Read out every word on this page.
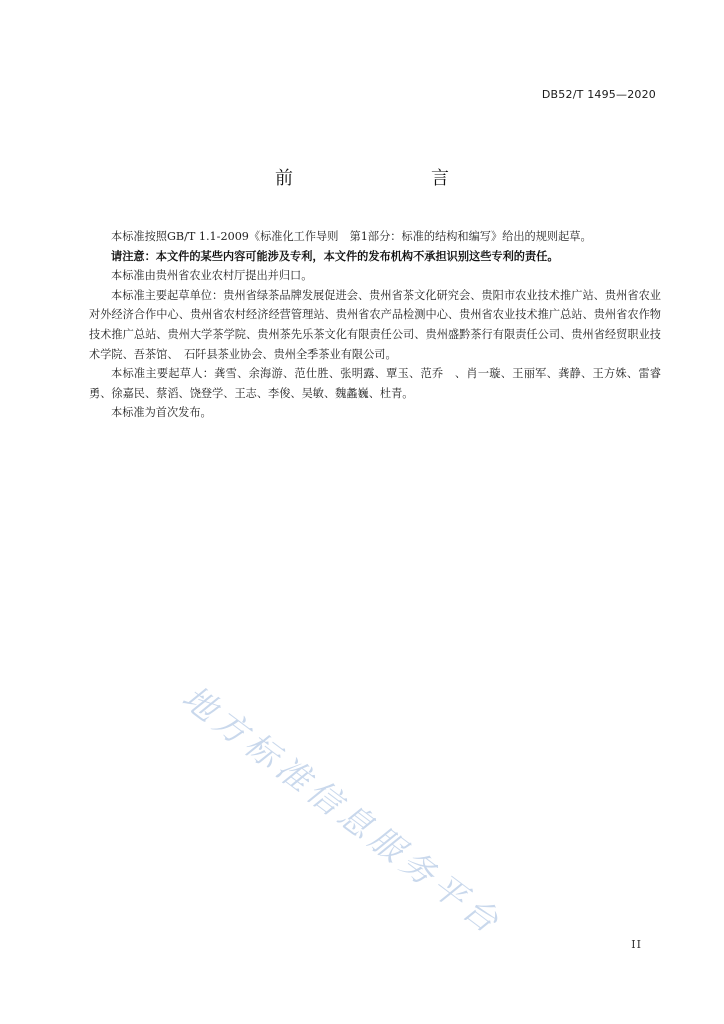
DB52/T 1495—2020
前　　言

本标准按照GB/T 1.1-2009《标准化工作导则　第1部分：标准的结构和编写》给出的规则起草。

请注意：本文件的某些内容可能涉及专利，本文件的发布机构不承担识别这些专利的责任。

本标准由贵州省农业农村厅提出并归口。

本标准主要起草单位：贵州省绿茶品牌发展促进会、贵州省茶文化研究会、贵阳市农业技术推广站、贵州省农业对外经济合作中心、贵州省农村经济经营管理站、贵州省农产品检测中心、贵州省农业技术推广总站、贵州省农作物技术推广总站、贵州大学茶学院、贵州茶先乐茶文化有限责任公司、贵州盛黔茶行有限责任公司、贵州省经贸职业技术学院、吾茶馆、　石阡县茶业协会、贵州全季茶业有限公司。

本标准主要起草人：龚雪、余海游、范仕胜、张明露、覃玉、范乔　、肖一璇、王丽军、龚静、王方姝、雷睿勇、徐嘉民、蔡滔、饶登学、王志、李俊、吴敏、魏蠡巍、杜青。

本标准为首次发布。

地方标准信息服务平台
II
